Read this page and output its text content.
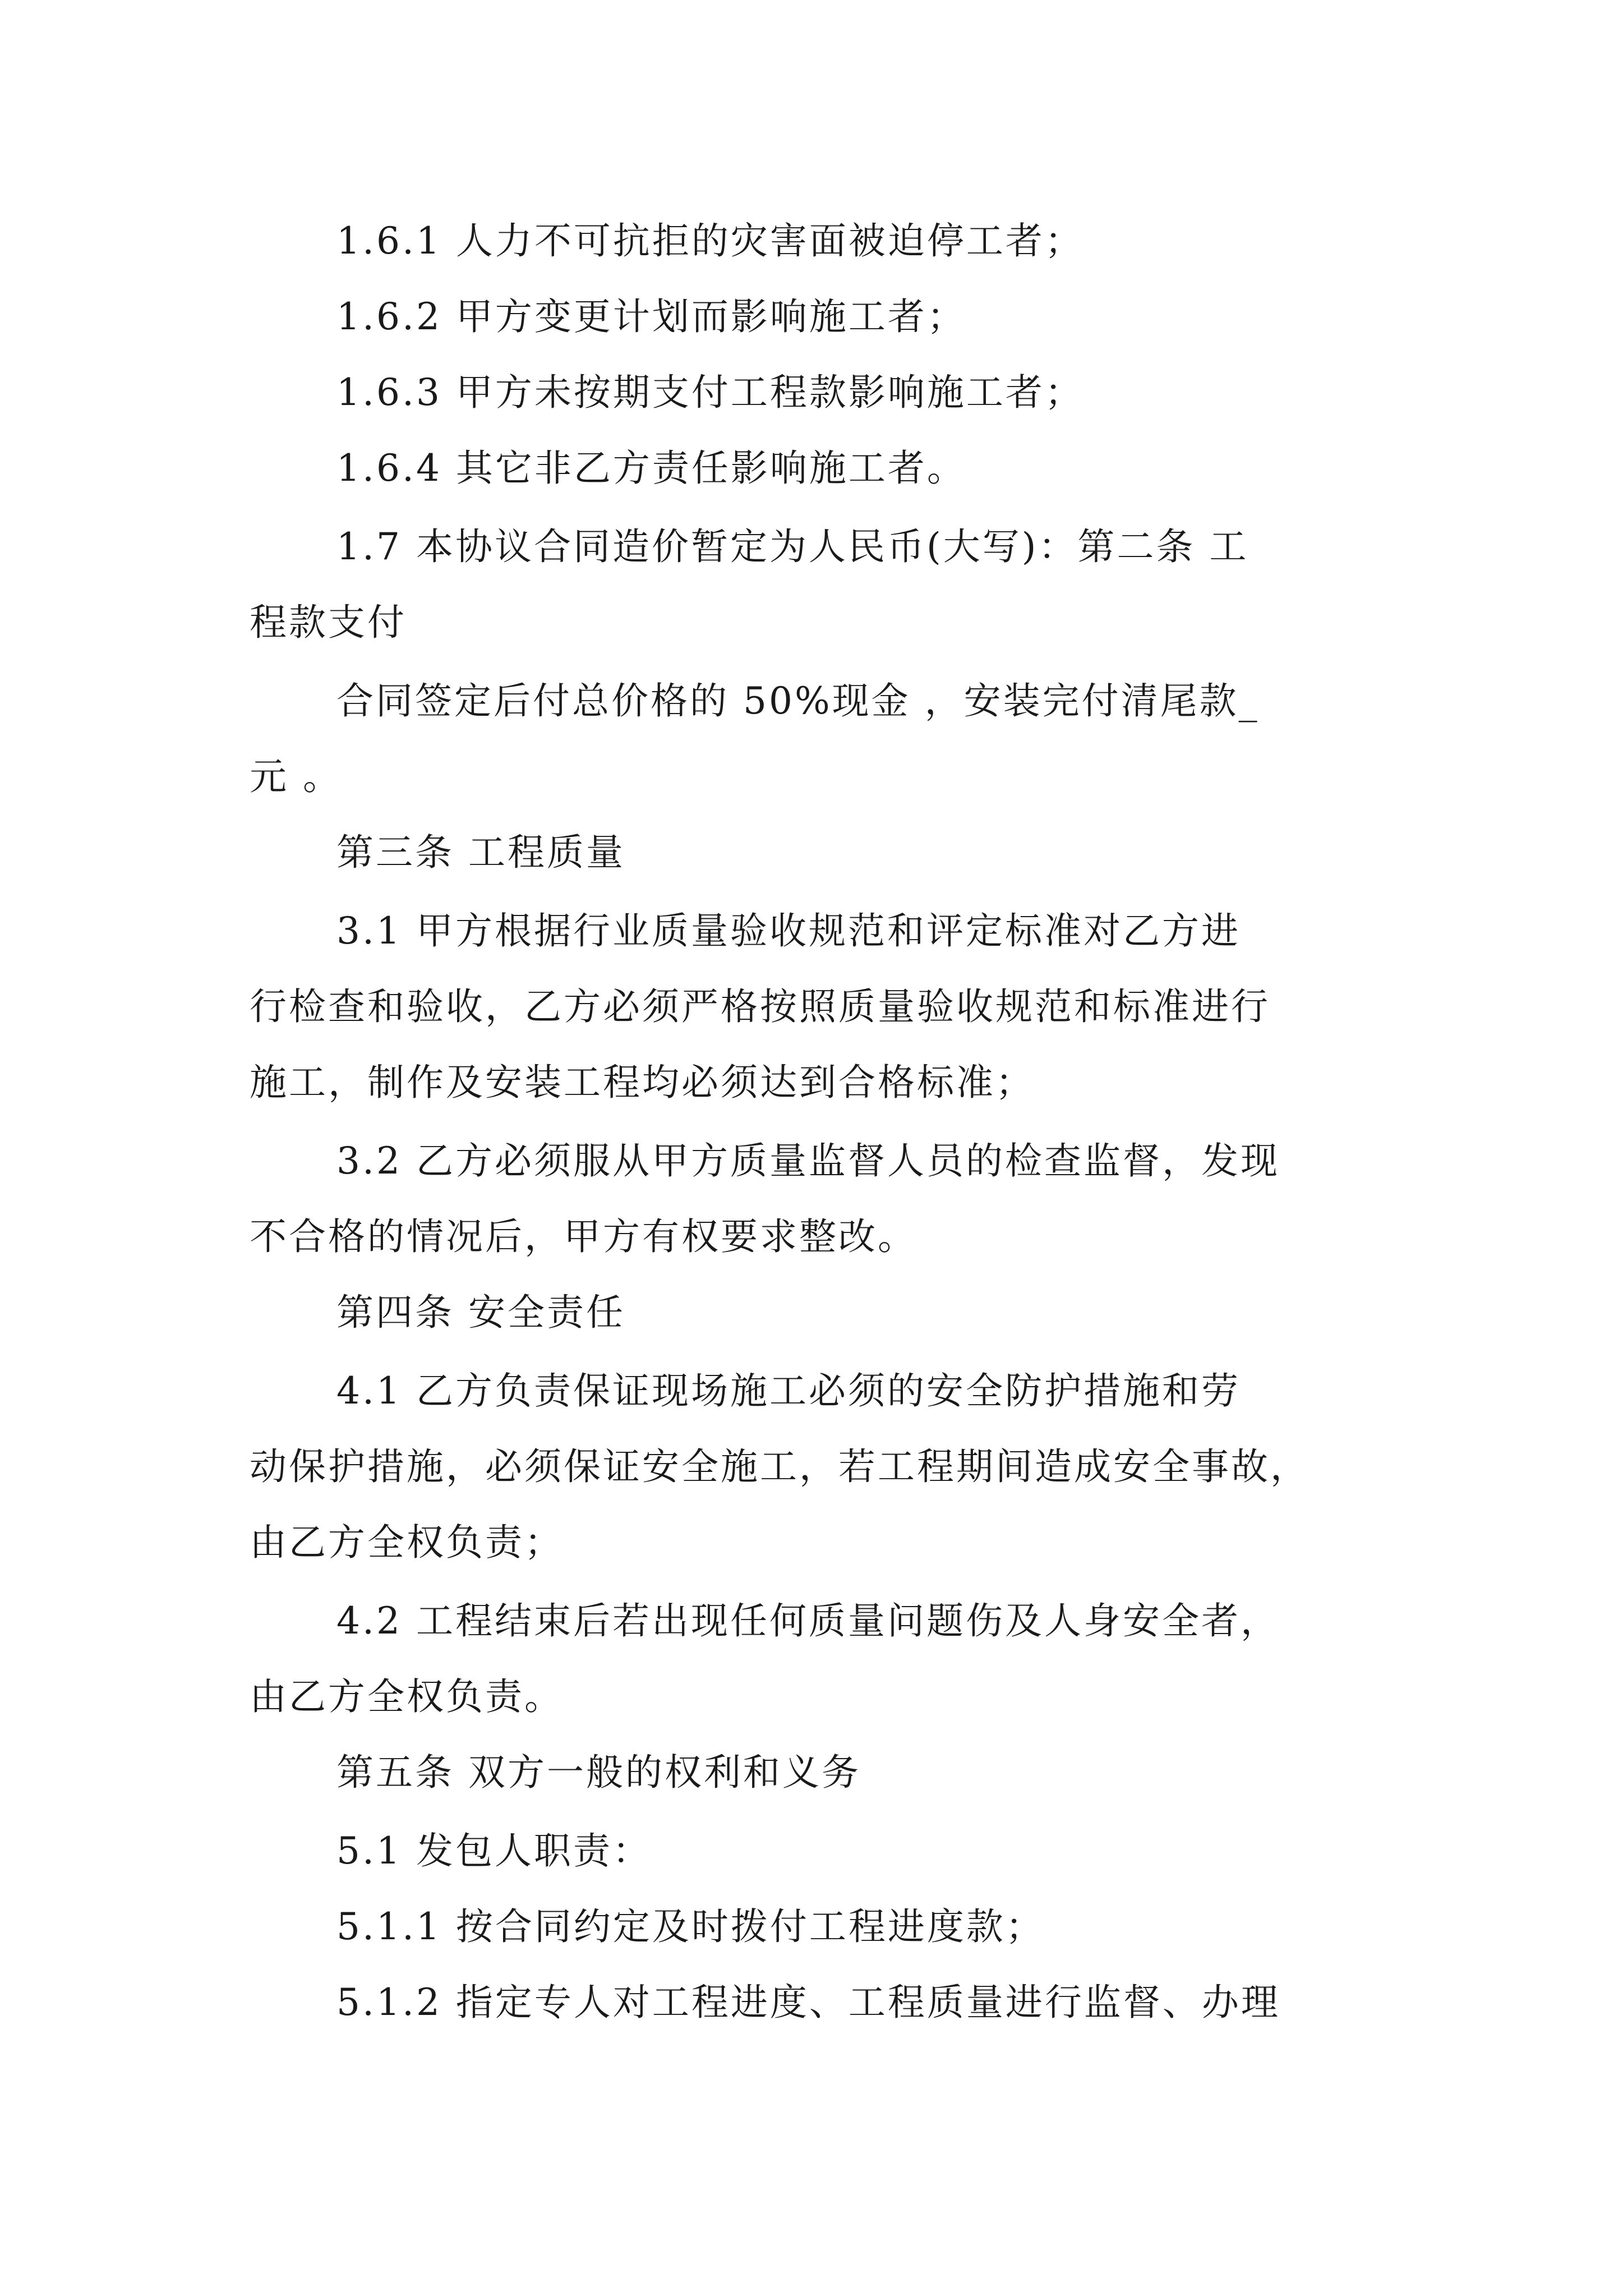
1.6.1 人力不可抗拒的灾害面被迫停工者；
1.6.2 甲方变更计划而影响施工者；
1.6.3 甲方未按期支付工程款影响施工者；
1.6.4 其它非乙方责任影响施工者。
1.7 本协议合同造价暂定为人民币(大写)：第二条 工
程款支付
合同签定后付总价格的 50%现金 ，安装完付清尾款_
元 。
第三条 工程质量
3.1 甲方根据行业质量验收规范和评定标准对乙方进
行检查和验收，乙方必须严格按照质量验收规范和标准进行
施工，制作及安装工程均必须达到合格标准；
3.2 乙方必须服从甲方质量监督人员的检查监督，发现
不合格的情况后，甲方有权要求整改。
第四条 安全责任
4.1 乙方负责保证现场施工必须的安全防护措施和劳
动保护措施，必须保证安全施工，若工程期间造成安全事故，
由乙方全权负责；
4.2 工程结束后若出现任何质量问题伤及人身安全者，
由乙方全权负责。
第五条 双方一般的权利和义务
5.1 发包人职责：
5.1.1 按合同约定及时拨付工程进度款；
5.1.2 指定专人对工程进度、工程质量进行监督、办理
